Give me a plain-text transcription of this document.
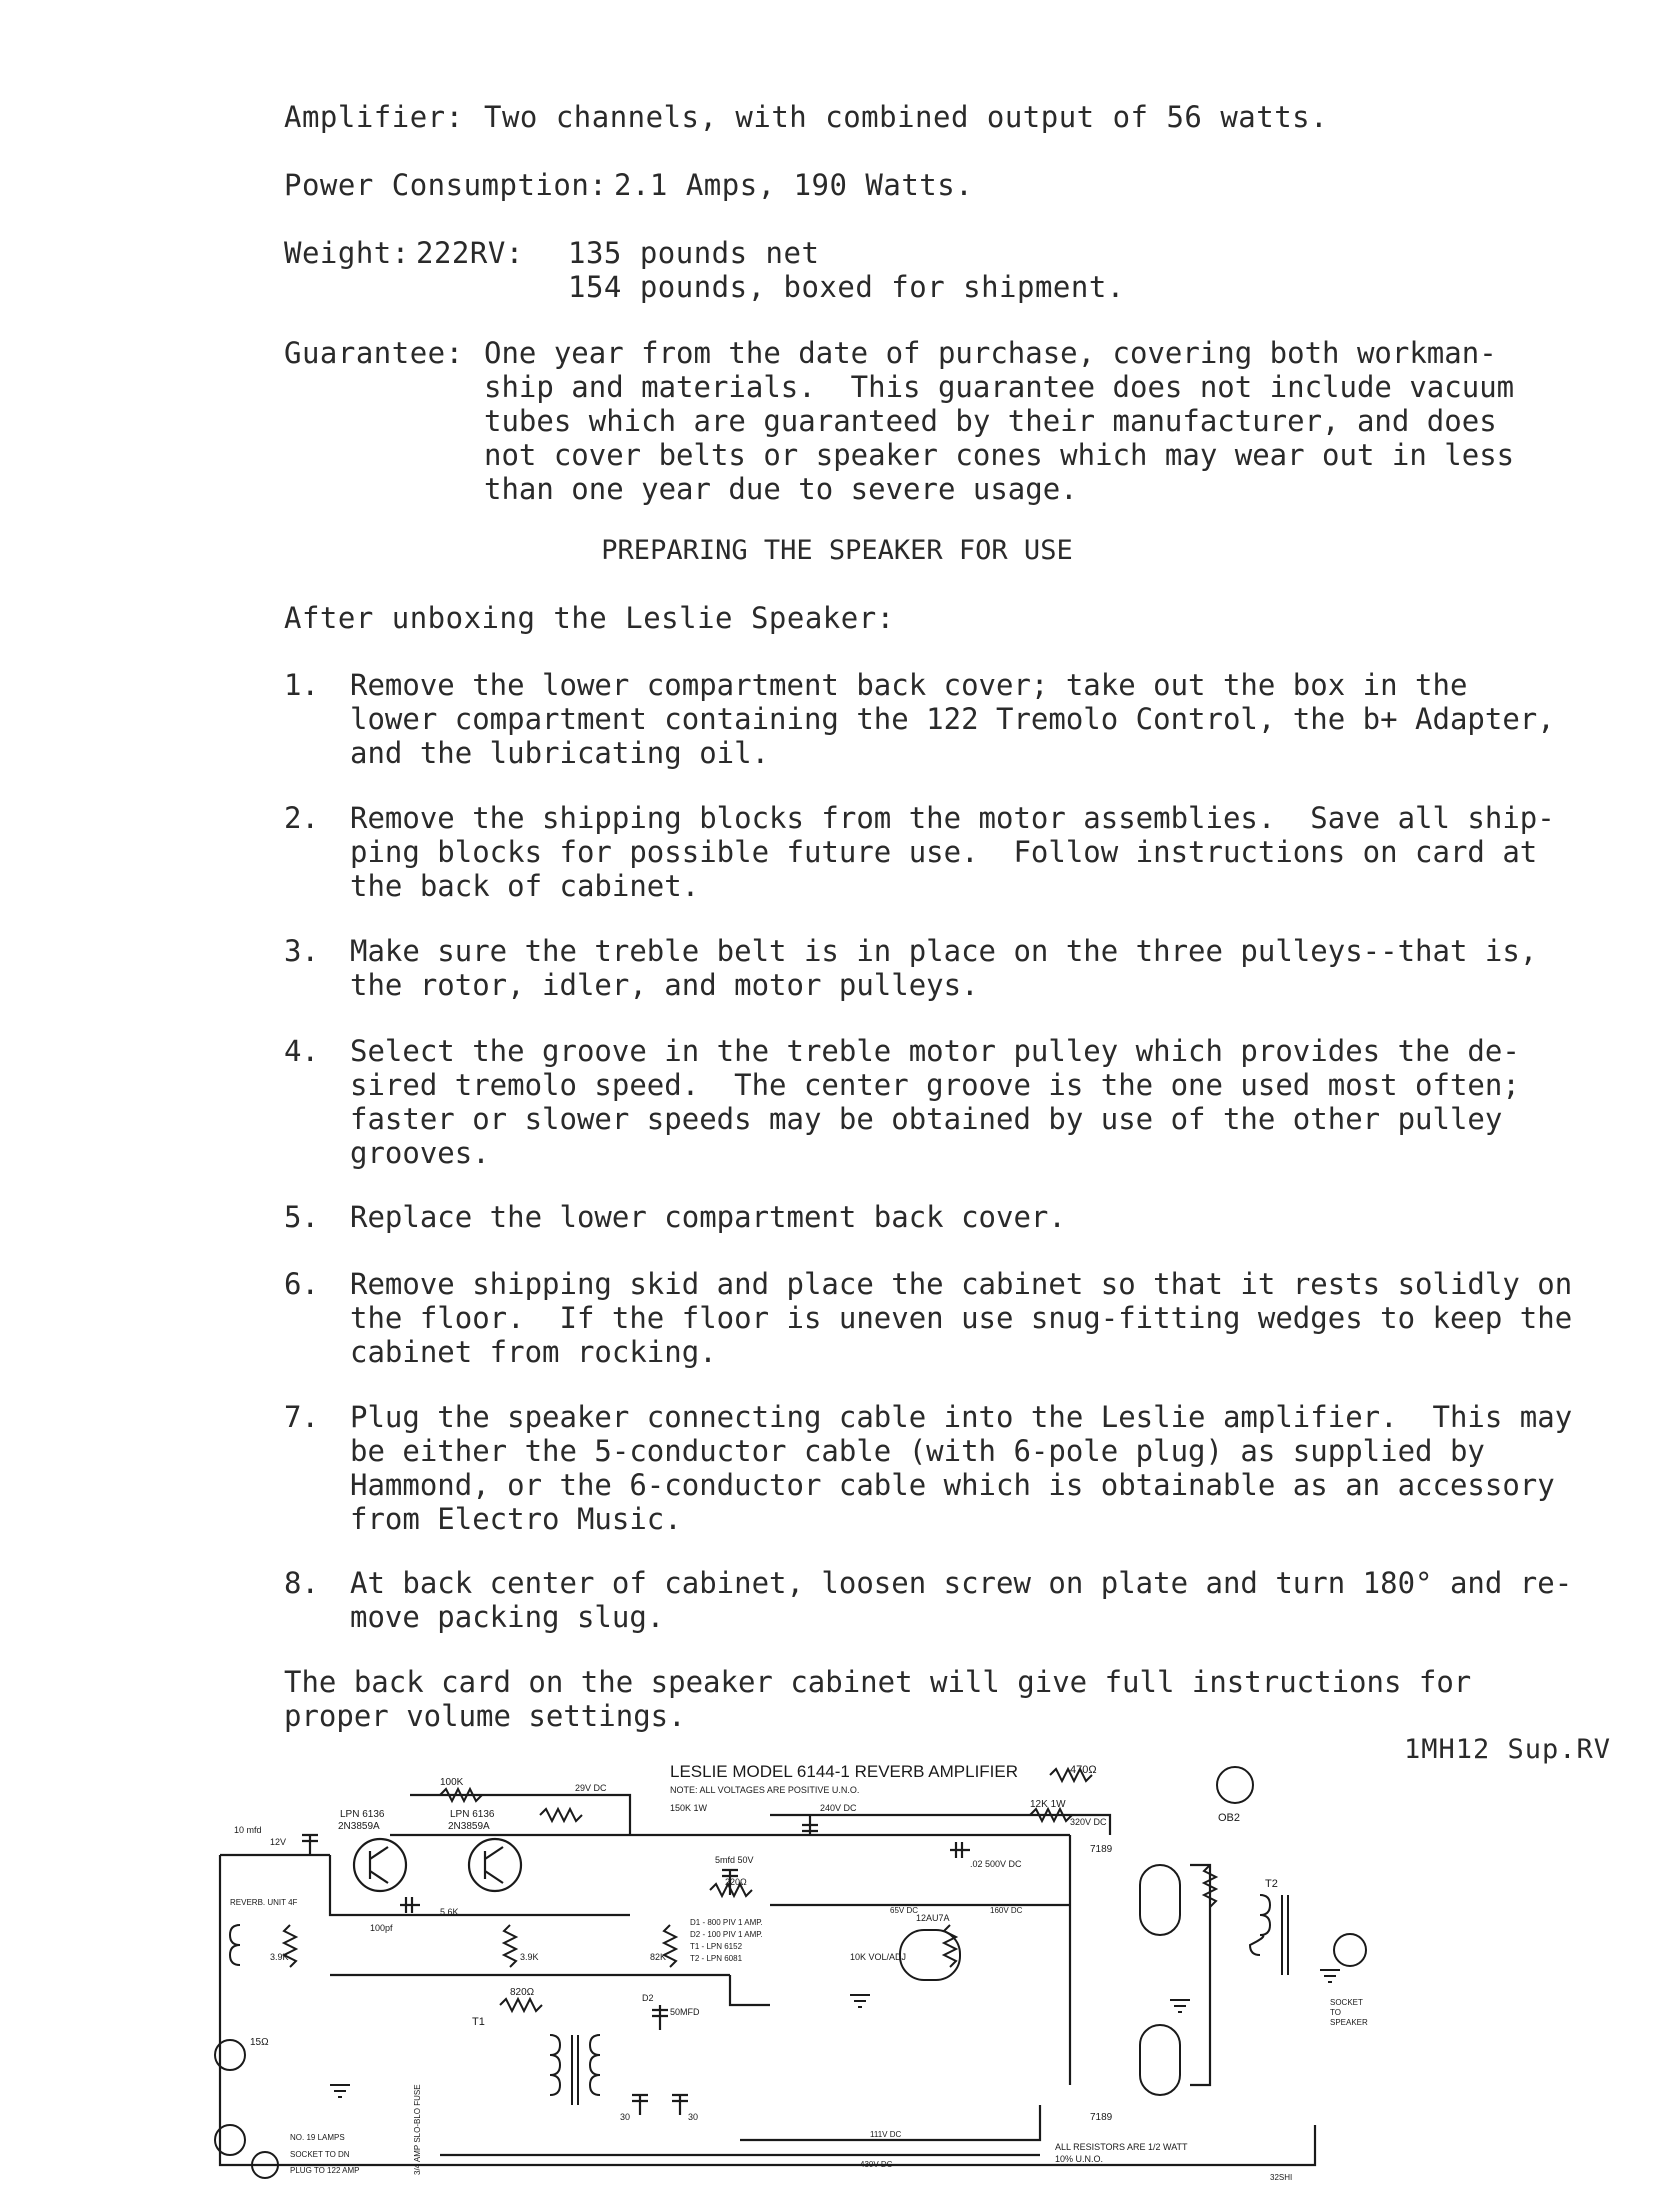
Amplifier: Two channels, with combined output of 56 watts.
Power Consumption: 2.1 Amps, 190 Watts.
Weight: 222RV: 135 pounds net
154 pounds, boxed for shipment.
Guarantee: One year from the date of purchase, covering both workman-
ship and materials.  This guarantee does not include vacuum
tubes which are guaranteed by their manufacturer, and does
not cover belts or speaker cones which may wear out in less
than one year due to severe usage.
PREPARING THE SPEAKER FOR USE
After unboxing the Leslie Speaker:
1. Remove the lower compartment back cover; take out the box in the
lower compartment containing the 122 Tremolo Control, the b+ Adapter,
and the lubricating oil.
2. Remove the shipping blocks from the motor assemblies.  Save all ship-
ping blocks for possible future use.  Follow instructions on card at
the back of cabinet.
3. Make sure the treble belt is in place on the three pulleys--that is,
the rotor, idler, and motor pulleys.
4. Select the groove in the treble motor pulley which provides the de-
sired tremolo speed.  The center groove is the one used most often;
faster or slower speeds may be obtained by use of the other pulley
grooves.
5. Replace the lower compartment back cover.
6. Remove shipping skid and place the cabinet so that it rests solidly on
the floor.  If the floor is uneven use snug-fitting wedges to keep the
cabinet from rocking.
7. Plug the speaker connecting cable into the Leslie amplifier.  This may
be either the 5-conductor cable (with 6-pole plug) as supplied by
Hammond, or the 6-conductor cable which is obtainable as an accessory
from Electro Music.
8. At back center of cabinet, loosen screw on plate and turn 180° and re-
move packing slug.
The back card on the speaker cabinet will give full instructions for
proper volume settings.
LESLIE MODEL 6144-1 REVERB AMPLIFIER
NOTE: ALL VOLTAGES ARE POSITIVE U.N.O.
100K	29V DC
150K 1W	240V DC	12K 1W
320V DC
470Ω
OB2
7189
7189
12AU7A
T1
T2
LPN 6136
2N3859A
LPN 6136
2N3859A
REVERB. UNIT 4F
NO. 19 LAMPS
SOCKET TO DN
PLUG TO 122 AMP	3/4 AMP SLO-BLO FUSE
SOCKET
TO
SPEAKER
D1 - 800 PIV 1 AMP.
D2 - 100 PIV 1 AMP.
T1 - LPN 6152
T2 - LPN 6081
111V DC
430V DC
65V DC	160V DC
5.6K
220Ω
820Ω
15Ω
3.9K	3.9K	82K	10K VOL/ADJ
10 mfd
12V
100pf
5mfd 50V	.02 500V DC
30	30
50MFD
D2
ALL RESISTORS ARE 1/2 WATT
10% U.N.O.
32SHI
1MH12 Sup.RV
